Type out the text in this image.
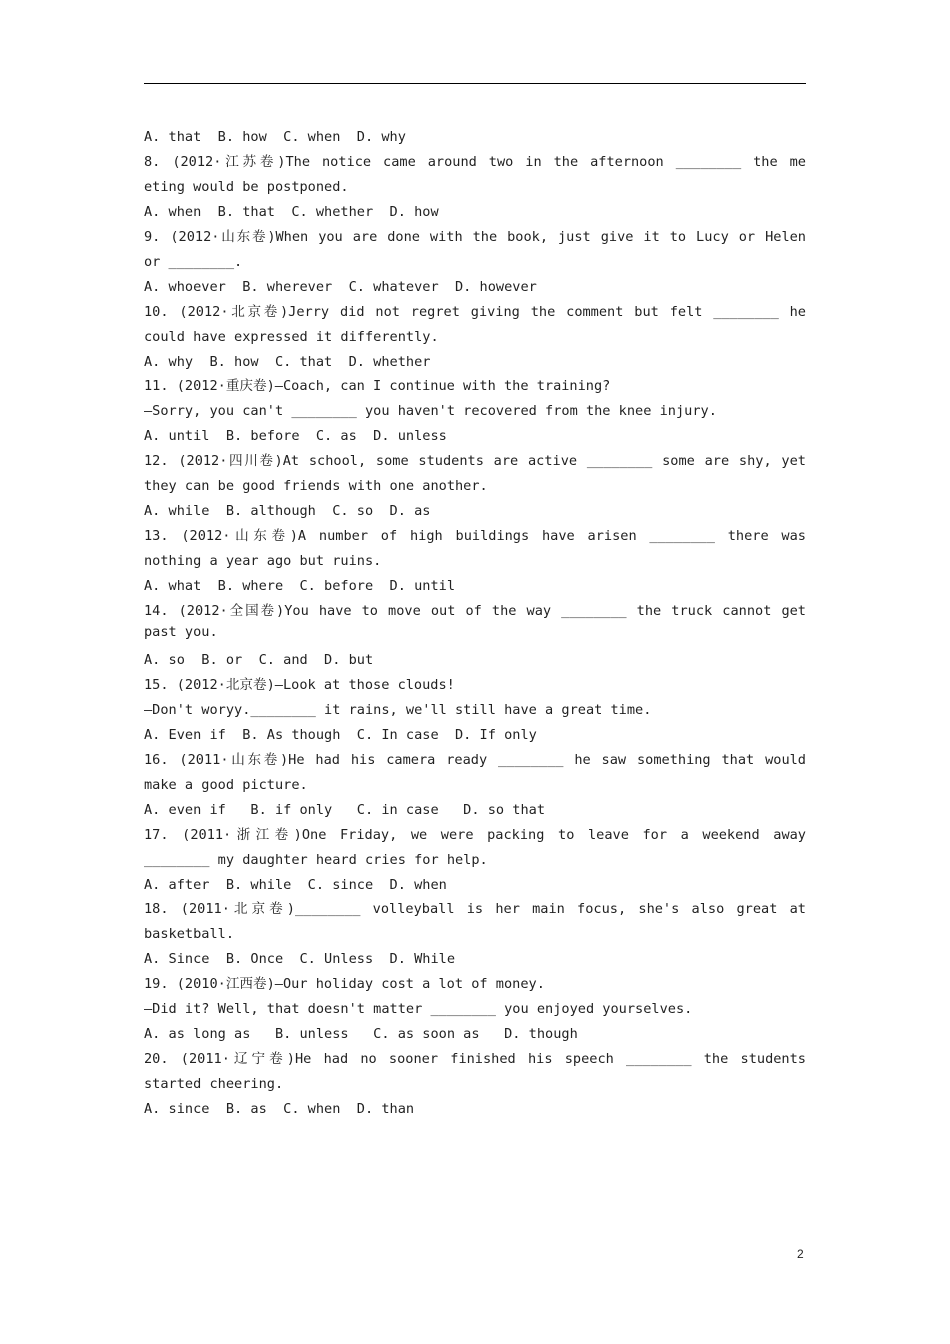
A. that  B. how  C. when  D. why
8. (2012·江苏卷)The notice came around two in the afternoon ________ the me
eting would be postponed.
A. when  B. that  C. whether  D. how
9. (2012·山东卷)When you are done with the book, just give it to Lucy or Helen
or ________.
A. whoever  B. wherever  C. whatever  D. however
10. (2012·北京卷)Jerry did not regret giving the comment but felt ________ he
could have expressed it differently.
A. why  B. how  C. that  D. whether
11. (2012·重庆卷)—Coach, can I continue with the training?
—Sorry, you can't ________ you haven't recovered from the knee injury.
A. until  B. before  C. as  D. unless
12. (2012·四川卷)At school, some students are active ________ some are shy, yet
they can be good friends with one another.
A. while  B. although  C. so  D. as
13. (2012·山东卷)A number of high buildings have arisen ________ there was
nothing a year ago but ruins.
A. what  B. where  C. before  D. until
14. (2012·全国卷)You have to move out of the way ________ the truck cannot get
past you.
A. so  B. or  C. and  D. but
15. (2012·北京卷)—Look at those clouds!
—Don't woryy.________ it rains, we'll still have a great time.
A. Even if  B. As though  C. In case  D. If only
16. (2011·山东卷)He had his camera ready ________ he saw something that would
make a good picture.
A. even if   B. if only   C. in case   D. so that
17. (2011·浙江卷)One Friday, we were packing to leave for a weekend away
________ my daughter heard cries for help.
A. after  B. while  C. since  D. when
18. (2011·北京卷)________ volleyball is her main focus, she's also great at
basketball.
A. Since  B. Once  C. Unless  D. While
19. (2010·江西卷)—Our holiday cost a lot of money.
—Did it? Well, that doesn't matter ________ you enjoyed yourselves.
A. as long as   B. unless   C. as soon as   D. though
20. (2011·辽宁卷)He had no sooner finished his speech ________ the students
started cheering.
A. since  B. as  C. when  D. than
2
